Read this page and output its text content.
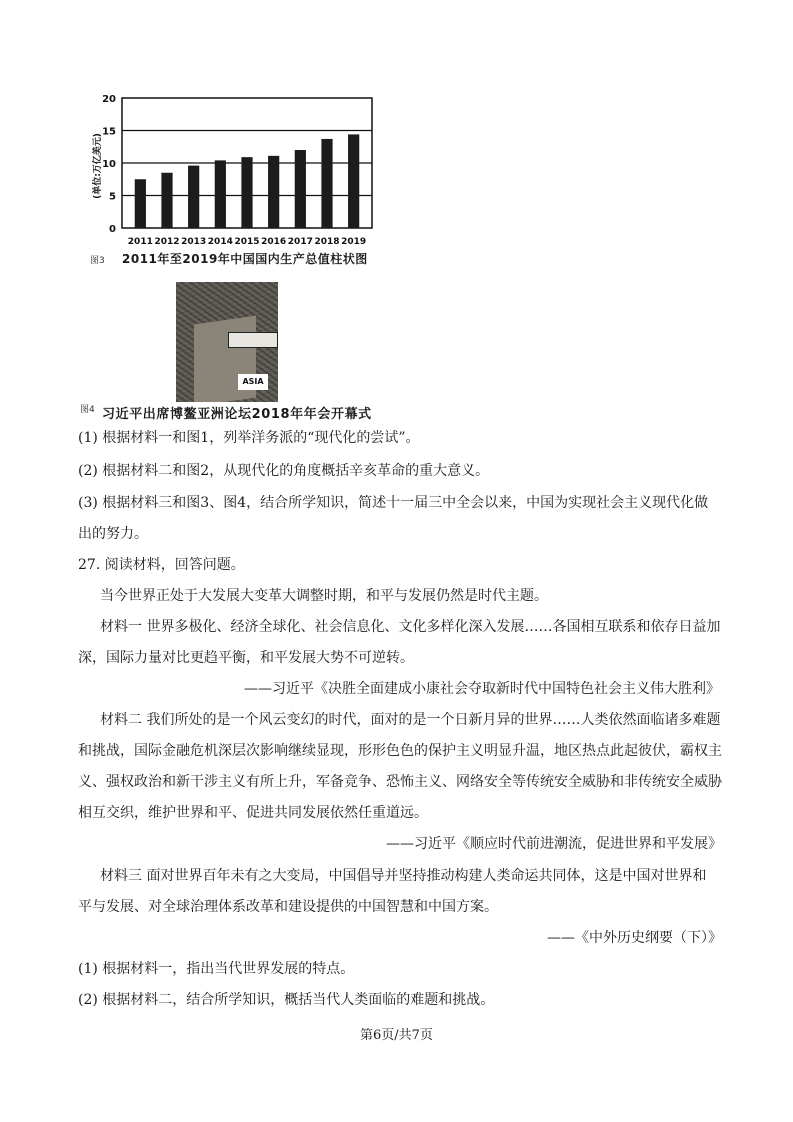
0
5
10
15
20
(单位:万亿美元)
2011 2012 2013 2014 2015 2016 2017 2018 2019
图3 2011年至2019年中国国内生产总值柱状图
ASIA
图4 习近平出席博鳌亚洲论坛2018年年会开幕式
(1) 根据材料一和图1，列举洋务派的“现代化的尝试”。
(2) 根据材料二和图2，从现代化的角度概括辛亥革命的重大意义。
(3) 根据材料三和图3、图4，结合所学知识，简述十一届三中全会以来，中国为实现社会主义现代化做
出的努力。
27. 阅读材料，回答问题。
当今世界正处于大发展大变革大调整时期，和平与发展仍然是时代主题。
材料一 世界多极化、经济全球化、社会信息化、文化多样化深入发展……各国相互联系和依存日益加
深，国际力量对比更趋平衡，和平发展大势不可逆转。
——习近平《决胜全面建成小康社会夺取新时代中国特色社会主义伟大胜利》
材料二 我们所处的是一个风云变幻的时代，面对的是一个日新月异的世界……人类依然面临诸多难题
和挑战，国际金融危机深层次影响继续显现，形形色色的保护主义明显升温，地区热点此起彼伏，霸权主
义、强权政治和新干涉主义有所上升，军备竞争、恐怖主义、网络安全等传统安全威胁和非传统安全威胁
相互交织，维护世界和平、促进共同发展依然任重道远。
——习近平《顺应时代前进潮流，促进世界和平发展》
材料三 面对世界百年未有之大变局，中国倡导并坚持推动构建人类命运共同体，这是中国对世界和
平与发展、对全球治理体系改革和建设提供的中国智慧和中国方案。
——《中外历史纲要（下）》
(1) 根据材料一，指出当代世界发展的特点。
(2) 根据材料二，结合所学知识，概括当代人类面临的难题和挑战。
第6页/共7页
